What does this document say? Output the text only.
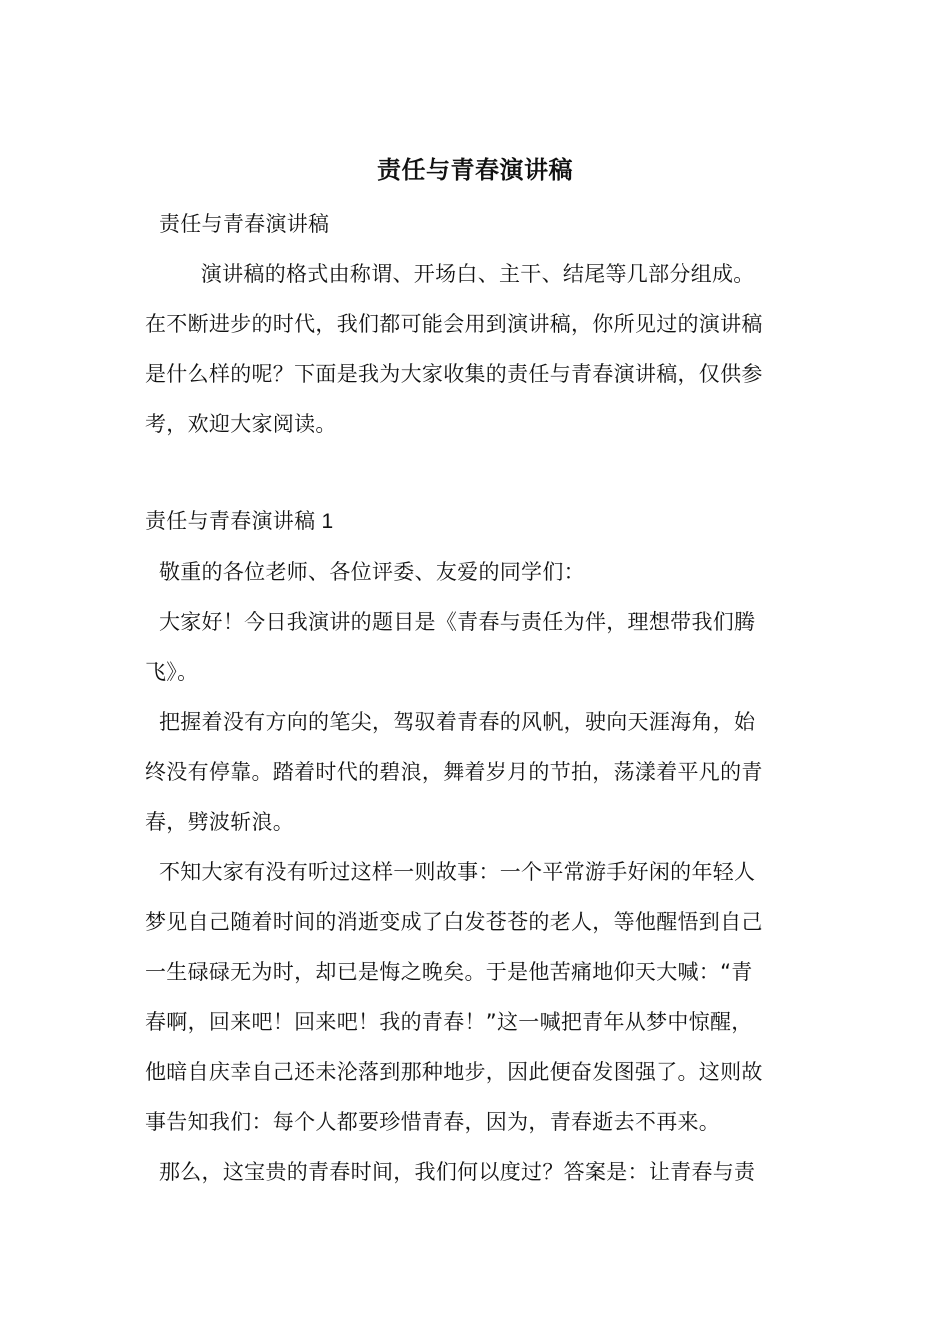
责任与青春演讲稿
责任与青春演讲稿
演讲稿的格式由称谓、开场白、主干、结尾等几部分组成。
在不断进步的时代，我们都可能会用到演讲稿，你所见过的演讲稿
是什么样的呢？下面是我为大家收集的责任与青春演讲稿，仅供参
考，欢迎大家阅读。
责任与青春演讲稿 1
敬重的各位老师、各位评委、友爱的同学们：
大家好！今日我演讲的题目是《青春与责任为伴，理想带我们腾
飞》。
把握着没有方向的笔尖，驾驭着青春的风帆，驶向天涯海角，始
终没有停靠。踏着时代的碧浪，舞着岁月的节拍，荡漾着平凡的青
春，劈波斩浪。
不知大家有没有听过这样一则故事：一个平常游手好闲的年轻人
梦见自己随着时间的消逝变成了白发苍苍的老人，等他醒悟到自己
一生碌碌无为时，却已是悔之晚矣。于是他苦痛地仰天大喊：“青
春啊，回来吧！回来吧！我的青春！”这一喊把青年从梦中惊醒，
他暗自庆幸自己还未沦落到那种地步，因此便奋发图强了。这则故
事告知我们：每个人都要珍惜青春，因为，青春逝去不再来。
那么，这宝贵的青春时间，我们何以度过？答案是：让青春与责
